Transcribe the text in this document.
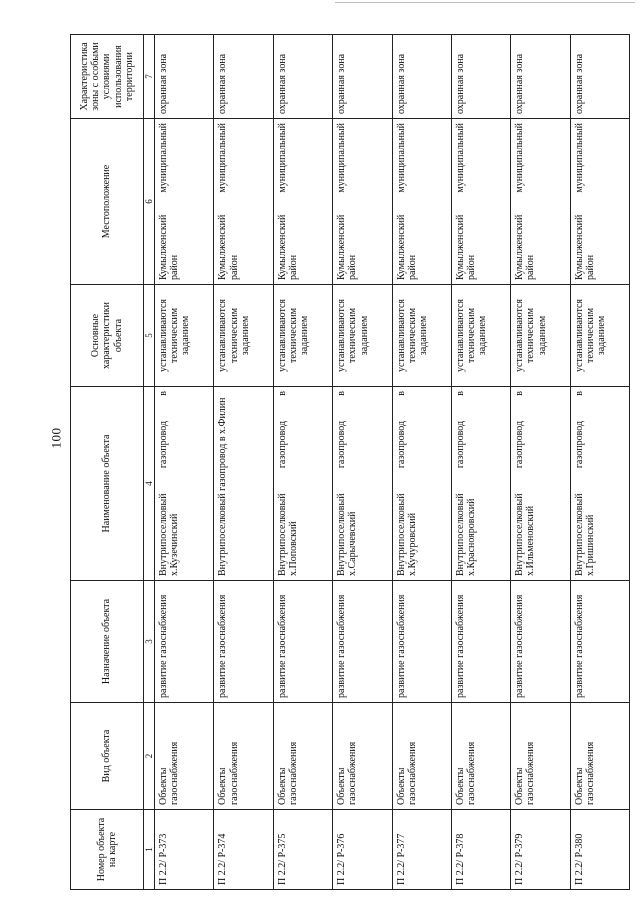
100
Номер объекта на карте	Вид объекта	Назначение объекта	Наименование объекта	Основные характеристики объекта	Местоположение	Характеристика зоны с особыми условиями использования территории
1	2	3	4	5	6	7
П 2.2/ Р-373	Объекты газоснабжения	развитие газоснабжения	Внутрипоселковый газопровод в х.Кузечинский	устанавливаются техническим заданием	Кумылженский муниципальный район	охранная зона
П 2.2/ Р-374	Объекты газоснабжения	развитие газоснабжения	Внутрипоселковый газопровод в х.Филин	устанавливаются техническим заданием	Кумылженский муниципальный район	охранная зона
П 2.2/ Р-375	Объекты газоснабжения	развитие газоснабжения	Внутрипоселковый газопровод в х.Поповский	устанавливаются техническим заданием	Кумылженский муниципальный район	охранная зона
П 2.2/ Р-376	Объекты газоснабжения	развитие газоснабжения	Внутрипоселковый газопровод в х.Сарычевский	устанавливаются техническим заданием	Кумылженский муниципальный район	охранная зона
П 2.2/ Р-377	Объекты газоснабжения	развитие газоснабжения	Внутрипоселковый газопровод в х.Кучуровский	устанавливаются техническим заданием	Кумылженский муниципальный район	охранная зона
П 2.2/ Р-378	Объекты газоснабжения	развитие газоснабжения	Внутрипоселковый газопровод в х.Краснояровский	устанавливаются техническим заданием	Кумылженский муниципальный район	охранная зона
П 2.2/ Р-379	Объекты газоснабжения	развитие газоснабжения	Внутрипоселковый газопровод в х.Ильменовский	устанавливаются техническим заданием	Кумылженский муниципальный район	охранная зона
П 2.2/ Р-380	Объекты газоснабжения	развитие газоснабжения	Внутрипоселковый газопровод в х.Гришинский	устанавливаются техническим заданием	Кумылженский муниципальный район	охранная зона
